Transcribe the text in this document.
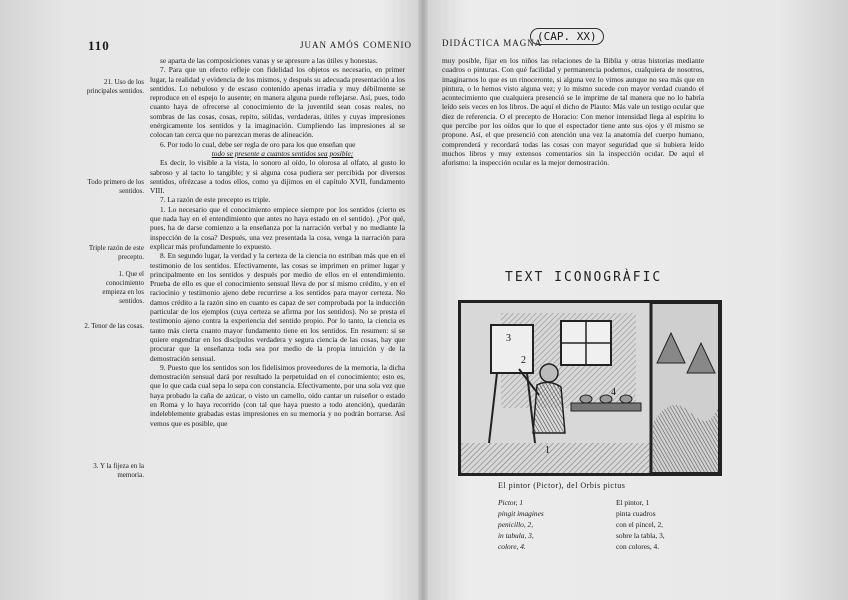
110	JUAN AMÓS COMENIO	DIDÁCTICA MAGNA
(CAP. XX)
21. Uso de los principales sentidos.
Todo primero de los sentidos.
Triple razón de este precepto.
1. Que el conocimiento empieza en los sentidos.
2. Tenor de las cosas.
3. Y la fijeza en la memoria.

se aparta de las composiciones vanas y se apresure a las útiles y honestas.

7. Para que un efecto refleje con fidelidad los objetos es necesario, en primer lugar, la realidad y evidencia de los mismos, y después su adecuada presentación a los sentidos. Lo nebuloso y de escaso contenido apenas irradia y muy débilmente se reproduce en el espejo lo ausente; en manera alguna puede reflejarse. Así, pues, todo cuanto haya de ofrecerse al conocimiento de la juventild sean cosas reales, no sombras de las cosas, cosas, repito, sólidas, verdaderas, útiles y cuyas impresiones enérgicamente los sentidos y la imaginación. Cumpliendo las impresiones al se colocan tan cerca que no parezcan meras de alineación.

6. Por todo lo cual, debe ser regla de oro para los que enseñan que

todo se presente a cuantos sentidos sea posible;

Es decir, lo visible a la vista, lo sonoro al oído, lo olorosa al olfato, al gusto lo sabroso y al tacto lo tangible; y si alguna cosa pudiera ser percibida por diversos sentidos, ofrézcase a todos ellos, como ya dijimos en el capítulo XVII, fundamento VIII.

7. La razón de este precepto es triple.

1. Lo necesario que el conocimiento empiece siempre por los sentidos (cierto es que nada hay en el entendimiento que antes no haya estado en el sentido). ¿Por qué, pues, ha de darse comienzo a la enseñanza por la narración verbal y no mediante la inspección de la cosa? Después, una vez presentada la cosa, venga la narración para explicar más profundamente lo expuesto.

8. En segundo lugar, la verdad y la certeza de la ciencia no estriban más que en el testimonio de los sentidos. Efectivamente, las cosas se imprimen en primer lugar y principalmente en los sentidos y después por medio de ellos en el entendimiento. Prueba de ello es que el conocimiento sensual lleva de por sí mismo crédito, y en el raciocinio y testimonio ajeno debe recurrirse a los sentidos para mayor certeza. No damos crédito a la razón sino en cuanto es capaz de ser comprobada por la inducción particular de los ejemplos (cuya certeza se afirma por los sentidos). No se presta el testimonio ajeno contra la experiencia del sentido propio. Por lo tanto, la ciencia es tanto más cierta cuanto mayor fundamento tiene en los sentidos. En resumen: si se quiere engendrar en los discípulos verdadera y segura ciencia de las cosas, hay que procurar que la enseñanza toda sea por medio de la propia intuición y de la demostración sensual.

9. Puesto que los sentidos son los fidelísimos proveedores de la memoria, la dicha demostración sensual dará por resultado la perpetuidad en el conocimiento; esto es, que lo que cada cual sepa lo sepa con constancia. Efectivamente, por una sola vez que haya probado la caña de azúcar, o visto un camello, oído cantar un ruiseñor o estado en Roma y lo haya recorrido (con tal que haya puesto a todo atención), quedarán indeleblemente grabadas estas impresiones en su memoria y no podrán borrarse. Así vemos que es posible, que

muy posible, fijar en los niños las relaciones de la Biblia y otras historias mediante cuadros o pinturas. Con qué facilidad y permanencia podemos, cualquiera de nosotros, imaginarnos lo que es un rinoceronte, si alguna vez lo vimos aunque no sea más que en pintura, o lo hemos visto alguna vez; y lo mismo sucede con mayor verdad cuando el acontecimiento que cualquiera presenció se le imprime de tal manera que no lo habría leído seis veces en los libros. De aquí el dicho de Plauto: Más vale un testigo ocular que diez de referencia. O el precepto de Horacio: Con menor intensidad llega al espíritu lo que percibe por los oídos que lo que el espectador tiene ante sus ojos y él mismo se propone. Así, el que presenció con atención una vez la anatomía del cuerpo humano, comprenderá y recordará todas las cosas con mayor seguridad que si hubiera leído muchos libros y muy extensos comentarios sin la inspección ocular. De aquí el aforismo: la inspección ocular es la mejor demostración.

TEXT ICONOGRÀFIC
1
2
3
4
El pintor (Pictor), del Orbis pictus
Pictor, 1
pingit imagines
penicillo, 2,
in tabula, 3,
colore, 4.
El pintor, 1
pinta cuadros
con el pincel, 2,
sobre la tabla, 3,
con colores, 4.
